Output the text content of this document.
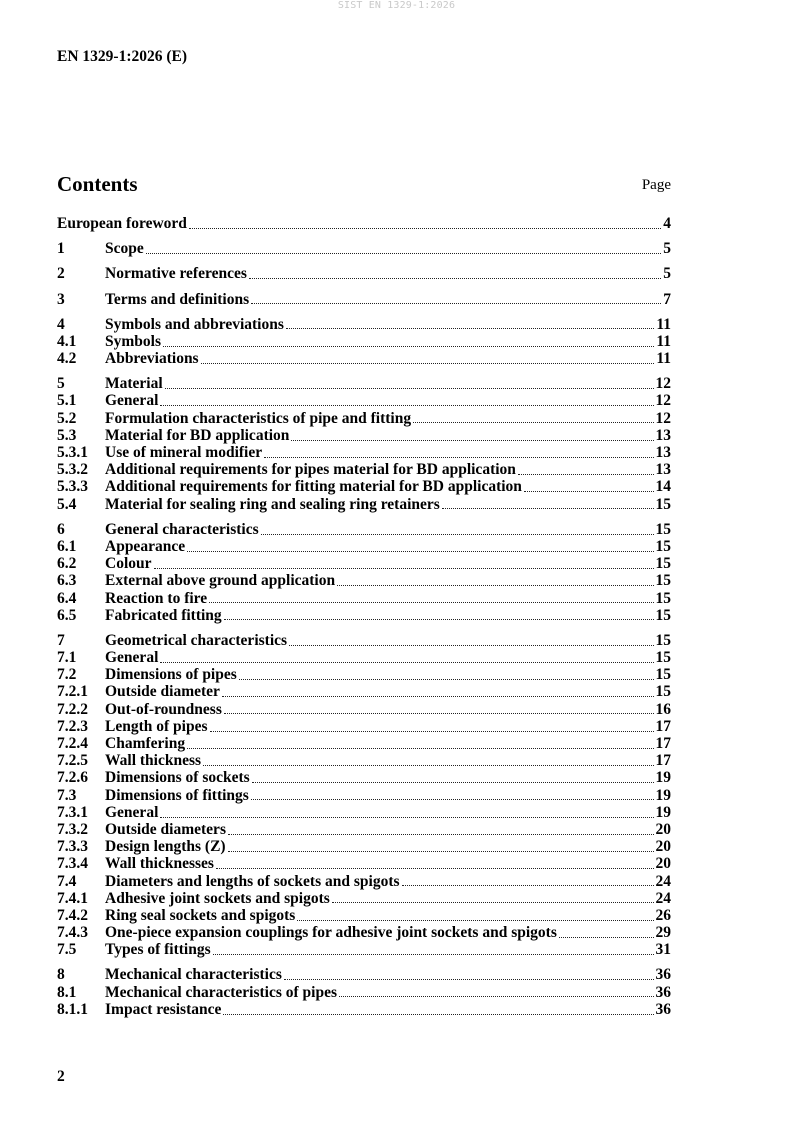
SIST EN 1329-1:2026
EN 1329-1:2026 (E)
Contents	Page
European foreword	4
1	Scope	5
2	Normative references	5
3	Terms and definitions	7
4	Symbols and abbreviations	11
4.1	Symbols	11
4.2	Abbreviations	11
5	Material	12
5.1	General	12
5.2	Formulation characteristics of pipe and fitting	12
5.3	Material for BD application	13
5.3.1	Use of mineral modifier	13
5.3.2	Additional requirements for pipes material for BD application	13
5.3.3	Additional requirements for fitting material for BD application	14
5.4	Material for sealing ring and sealing ring retainers	15
6	General characteristics	15
6.1	Appearance	15
6.2	Colour	15
6.3	External above ground application	15
6.4	Reaction to fire	15
6.5	Fabricated fitting	15
7	Geometrical characteristics	15
7.1	General	15
7.2	Dimensions of pipes	15
7.2.1	Outside diameter	15
7.2.2	Out-of-roundness	16
7.2.3	Length of pipes	17
7.2.4	Chamfering	17
7.2.5	Wall thickness	17
7.2.6	Dimensions of sockets	19
7.3	Dimensions of fittings	19
7.3.1	General	19
7.3.2	Outside diameters	20
7.3.3	Design lengths (Z)	20
7.3.4	Wall thicknesses	20
7.4	Diameters and lengths of sockets and spigots	24
7.4.1	Adhesive joint sockets and spigots	24
7.4.2	Ring seal sockets and spigots	26
7.4.3	One-piece expansion couplings for adhesive joint sockets and spigots	29
7.5	Types of fittings	31
8	Mechanical characteristics	36
8.1	Mechanical characteristics of pipes	36
8.1.1	Impact resistance	36
2
